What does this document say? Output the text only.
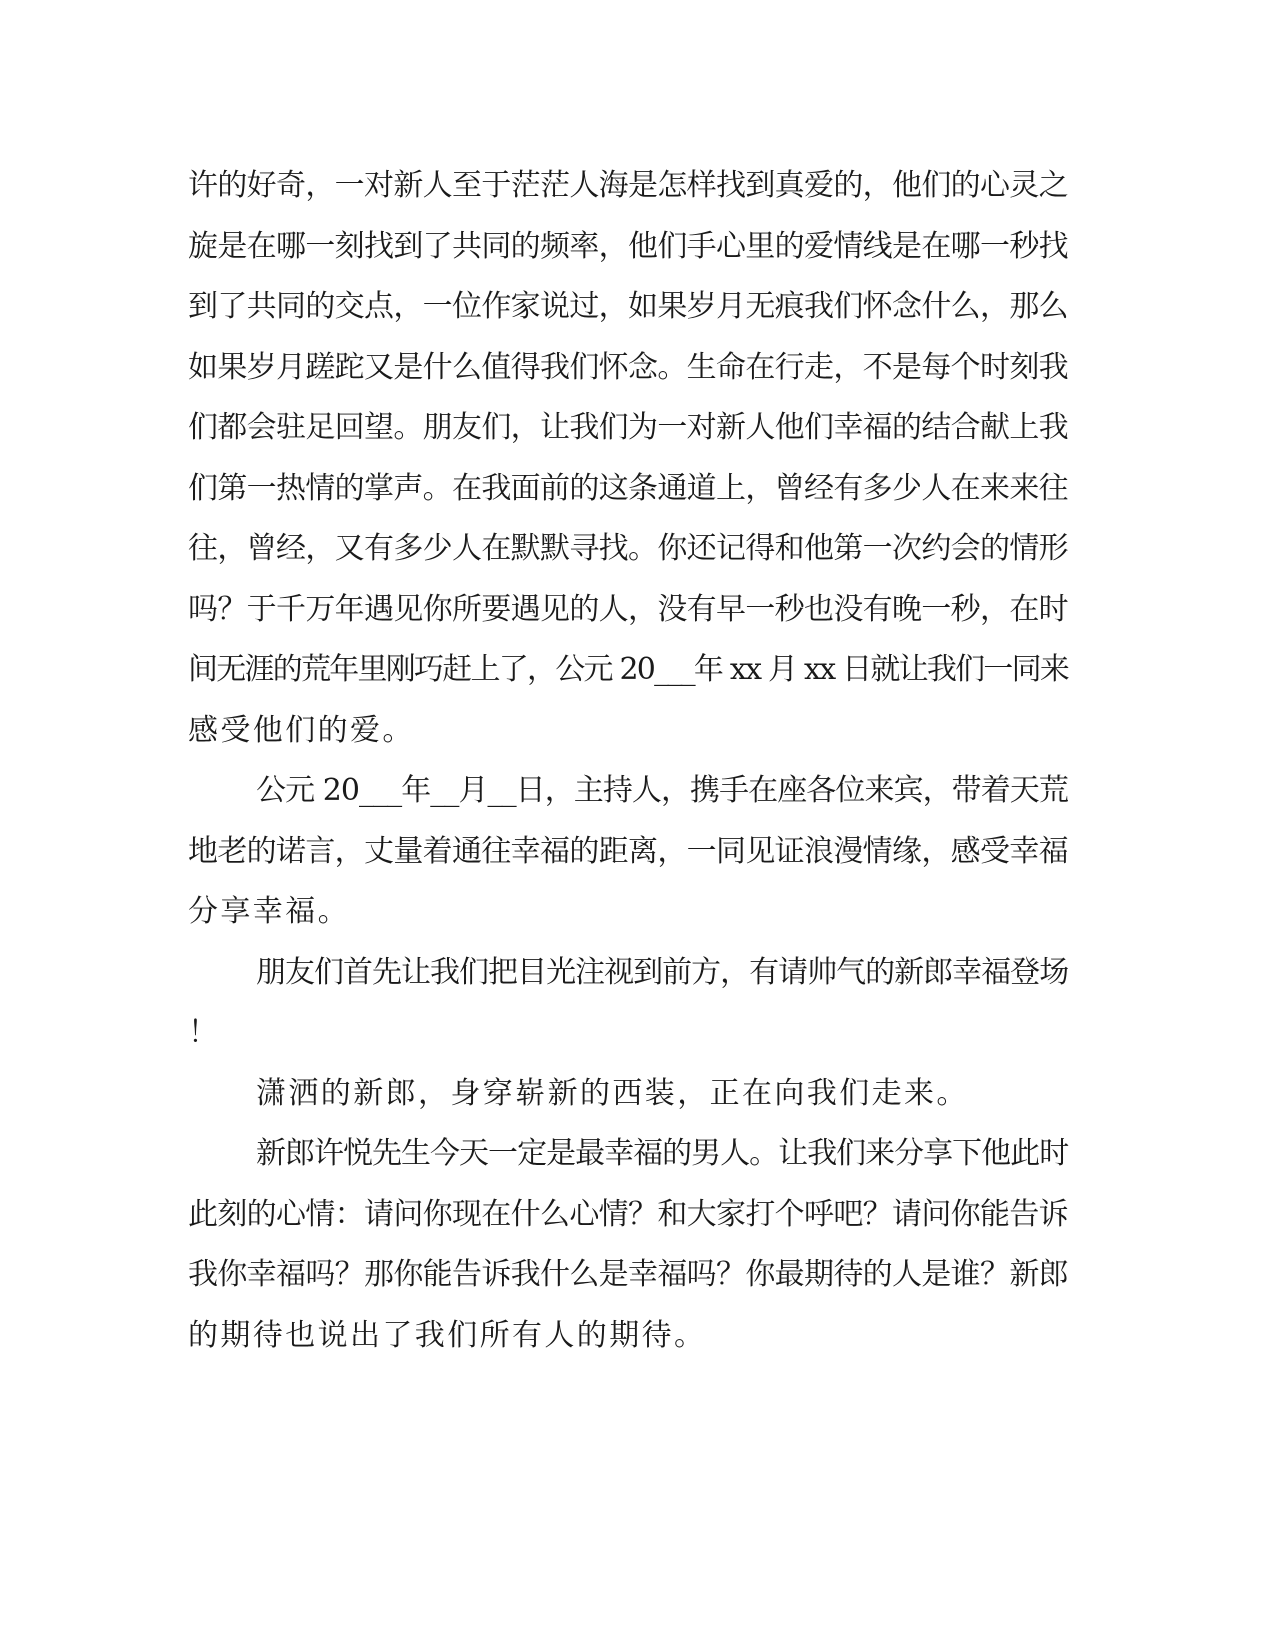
许的好奇，一对新人至于茫茫人海是怎样找到真爱的，他们的心灵之
旋是在哪一刻找到了共同的频率，他们手心里的爱情线是在哪一秒找
到了共同的交点，一位作家说过，如果岁月无痕我们怀念什么，那么
如果岁月蹉跎又是什么值得我们怀念。生命在行走，不是每个时刻我
们都会驻足回望。朋友们，让我们为一对新人他们幸福的结合献上我
们第一热情的掌声。在我面前的这条通道上，曾经有多少人在来来往
往，曾经，又有多少人在默默寻找。你还记得和他第一次约会的情形
吗？于千万年遇见你所要遇见的人，没有早一秒也没有晚一秒，在时
间无涯的荒年里刚巧赶上了，公元 20___年 xx 月 xx 日就让我们一同来
感受他们的爱。

公元 20___年__月__日，主持人，携手在座各位来宾，带着天荒
地老的诺言，丈量着通往幸福的距离，一同见证浪漫情缘，感受幸福
分享幸福。

朋友们首先让我们把目光注视到前方，有请帅气的新郎幸福登场
！

潇洒的新郎，身穿崭新的西装，正在向我们走来。

新郎许悦先生今天一定是最幸福的男人。让我们来分享下他此时
此刻的心情：请问你现在什么心情？和大家打个呼吧？请问你能告诉
我你幸福吗？那你能告诉我什么是幸福吗？你最期待的人是谁？新郎
的期待也说出了我们所有人的期待。
